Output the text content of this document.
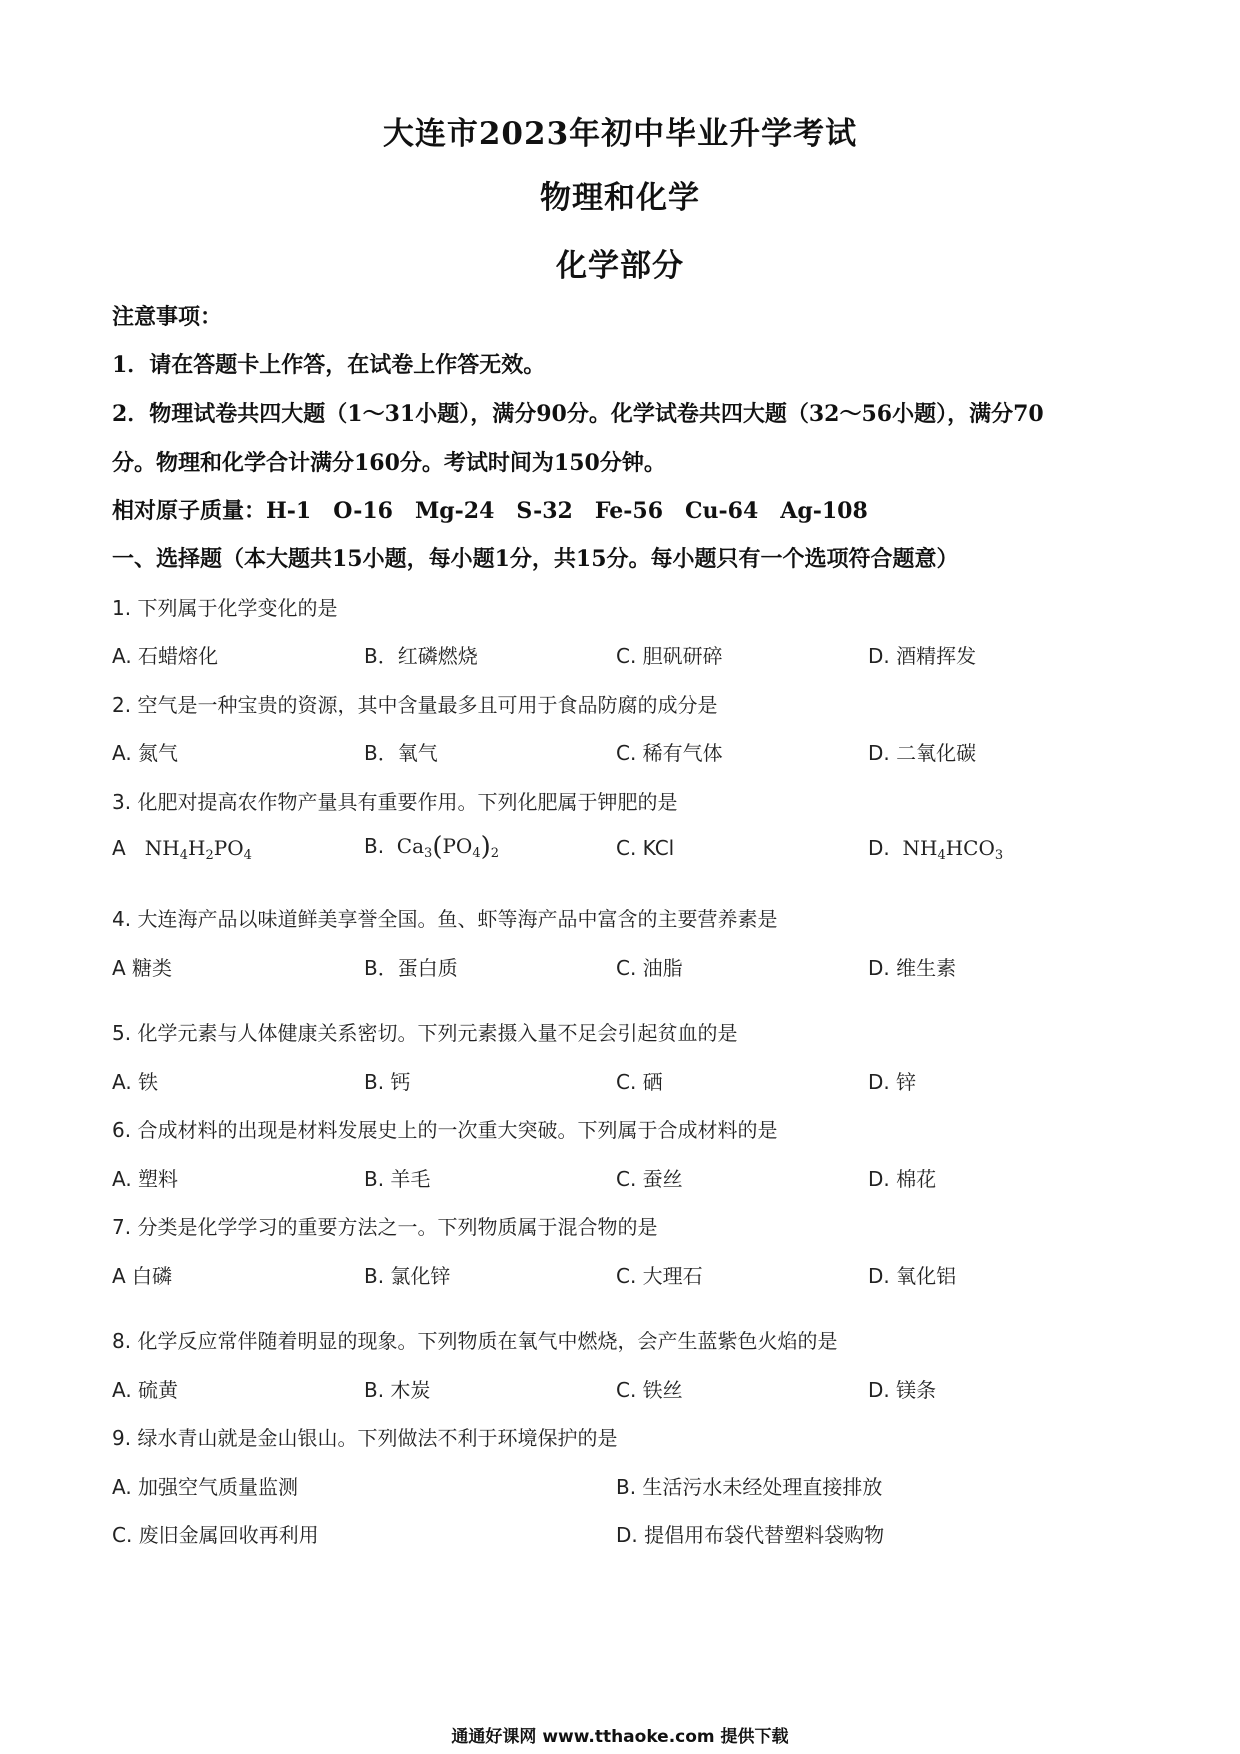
大连市2023年初中毕业升学考试
物理和化学
化学部分
注意事项：
1．请在答题卡上作答，在试卷上作答无效。
2．物理试卷共四大题（1～31小题），满分90分。化学试卷共四大题（32～56小题），满分70
分。物理和化学合计满分160分。考试时间为150分钟。
相对原子质量：H-1　O-16　Mg-24　S-32　Fe-56　Cu-64　Ag-108
一、选择题（本大题共15小题，每小题1分，共15分。每小题只有一个选项符合题意）
1. 下列属于化学变化的是
A. 石蜡熔化	B．红磷燃烧	C. 胆矾研碎	D. 酒精挥发
2. 空气是一种宝贵的资源，其中含量最多且可用于食品防腐的成分是
A. 氮气	B．氧气	C. 稀有气体	D. 二氧化碳
3. 化肥对提高农作物产量具有重要作用。下列化肥属于钾肥的是
A $NH_4H_2PO_4$	B. $Ca_3(PO_4)_2$	C. KCl	D. $NH_4HCO_3$
4. 大连海产品以味道鲜美享誉全国。鱼、虾等海产品中富含的主要营养素是
A 糖类	B．蛋白质	C. 油脂	D. 维生素
5. 化学元素与人体健康关系密切。下列元素摄入量不足会引起贫血的是
A. 铁	B. 钙	C. 硒	D. 锌
6. 合成材料的出现是材料发展史上的一次重大突破。下列属于合成材料的是
A. 塑料	B. 羊毛	C. 蚕丝	D. 棉花
7. 分类是化学学习的重要方法之一。下列物质属于混合物的是
A 白磷	B. 氯化锌	C. 大理石	D. 氧化铝
8. 化学反应常伴随着明显的现象。下列物质在氧气中燃烧，会产生蓝紫色火焰的是
A. 硫黄	B. 木炭	C. 铁丝	D. 镁条
9. 绿水青山就是金山银山。下列做法不利于环境保护的是
A. 加强空气质量监测	B. 生活污水未经处理直接排放
C. 废旧金属回收再利用	D. 提倡用布袋代替塑料袋购物
通通好课网 www.tthaoke.com 提供下载
